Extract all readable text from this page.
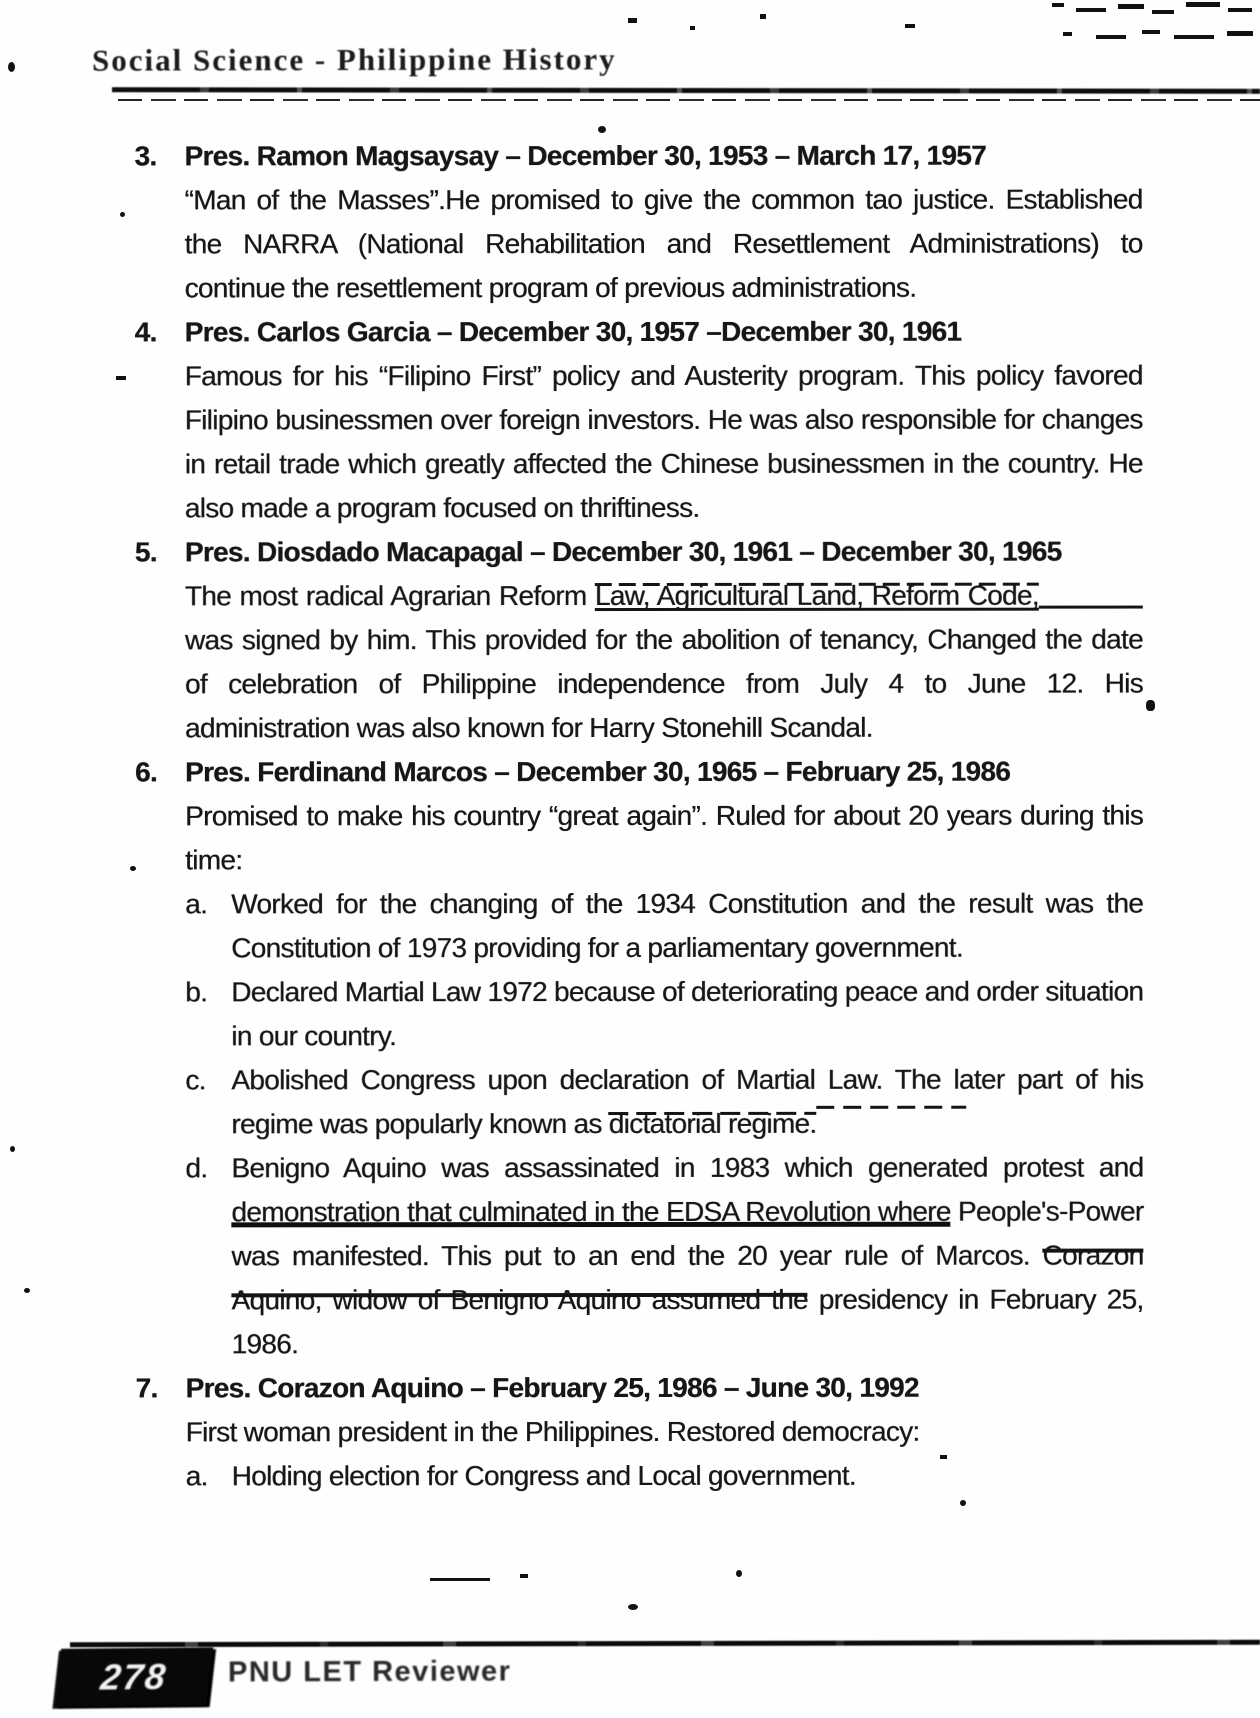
Social Science - Philippine History
3.	Pres. Ramon Magsaysay – December 30, 1953 – March 17, 1957
“Man of the Masses”.He promised to give the common tao justice. Established the NARRA (National Rehabilitation and Resettlement Administrations) to continue the resettlement program of previous administrations.
4.	Pres. Carlos Garcia – December 30, 1957 –December 30, 1961
Famous for his “Filipino First” policy and Austerity program. This policy favored Filipino businessmen over foreign investors. He was also responsible for changes in retail trade which greatly affected the Chinese businessmen in the country. He also made a program focused on thriftiness.
5.	Pres. Diosdado Macapagal – December 30, 1961 – December 30, 1965
The most radical Agrarian Reform Law, Agricultural Land, Reform Code, was signed by him. This provided for the abolition of tenancy, Changed the date of celebration of Philippine independence from July 4 to June 12. His administration was also known for Harry Stonehill Scandal.
6.	Pres. Ferdinand Marcos – December 30, 1965 – February 25, 1986
Promised to make his country “great again”. Ruled for about 20 years during this time:
a. Worked for the changing of the 1934 Constitution and the result was the Constitution of 1973 providing for a parliamentary government.
b. Declared Martial Law 1972 because of deteriorating peace and order situation in our country.
c. Abolished Congress upon declaration of Martial Law. The later part of his regime was popularly known as dictatorial regime.
d. Benigno Aquino was assassinated in 1983 which generated protest and demonstration that culminated in the EDSA Revolution where People's-Power was manifested. This put to an end the 20 year rule of Marcos. Corazon Aquino, widow of Benigno Aquino assumed the presidency in February 25, 1986.
7.	Pres. Corazon Aquino – February 25, 1986 – June 30, 1992
First woman president in the Philippines. Restored democracy:
a. Holding election for Congress and Local government.
278	PNU LET Reviewer
